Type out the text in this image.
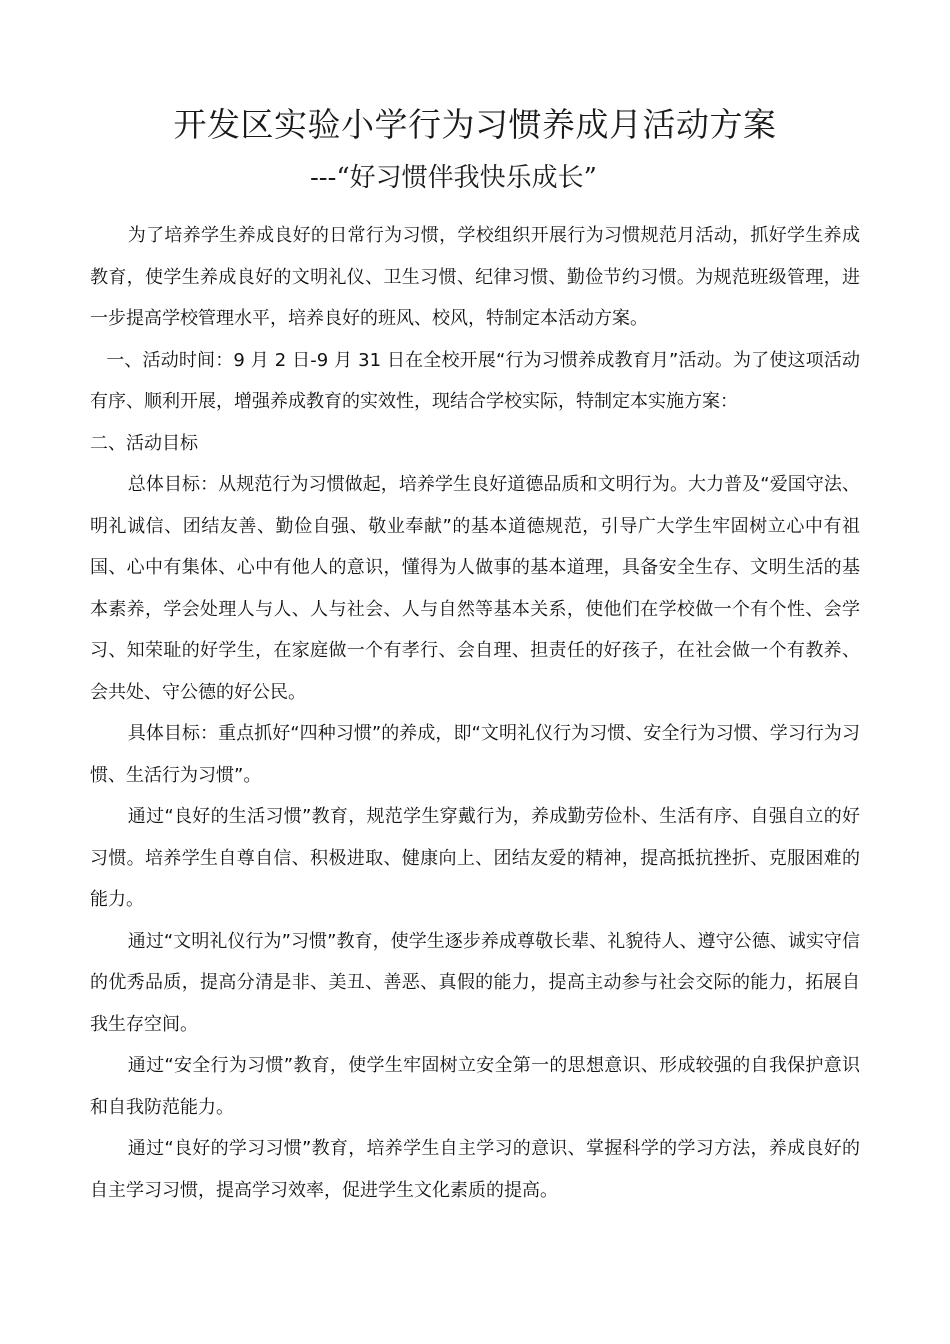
开发区实验小学行为习惯养成月活动方案
---“好习惯伴我快乐成长”

为了培养学生养成良好的日常行为习惯，学校组织开展行为习惯规范月活动，抓好学生养成教育，使学生养成良好的文明礼仪、卫生习惯、纪律习惯、勤俭节约习惯。为规范班级管理，进一步提高学校管理水平，培养良好的班风、校风，特制定本活动方案。

一、活动时间：9 月 2 日-9 月 31 日在全校开展“行为习惯养成教育月”活动。为了使这项活动有序、顺利开展，增强养成教育的实效性，现结合学校实际，特制定本实施方案：

二、活动目标

总体目标：从规范行为习惯做起，培养学生良好道德品质和文明行为。大力普及“爱国守法、明礼诚信、团结友善、勤俭自强、敬业奉献”的基本道德规范，引导广大学生牢固树立心中有祖国、心中有集体、心中有他人的意识，懂得为人做事的基本道理，具备安全生存、文明生活的基本素养，学会处理人与人、人与社会、人与自然等基本关系，使他们在学校做一个有个性、会学习、知荣耻的好学生，在家庭做一个有孝行、会自理、担责任的好孩子，在社会做一个有教养、会共处、守公德的好公民。

具体目标：重点抓好“四种习惯”的养成，即“文明礼仪行为习惯、安全行为习惯、学习行为习惯、生活行为习惯”。

通过“良好的生活习惯”教育，规范学生穿戴行为，养成勤劳俭朴、生活有序、自强自立的好习惯。培养学生自尊自信、积极进取、健康向上、团结友爱的精神，提高抵抗挫折、克服困难的能力。

通过“文明礼仪行为”习惯”教育，使学生逐步养成尊敬长辈、礼貌待人、遵守公德、诚实守信的优秀品质，提高分清是非、美丑、善恶、真假的能力，提高主动参与社会交际的能力，拓展自我生存空间。

通过“安全行为习惯”教育，使学生牢固树立安全第一的思想意识、形成较强的自我保护意识和自我防范能力。

通过“良好的学习习惯”教育，培养学生自主学习的意识、掌握科学的学习方法，养成良好的自主学习习惯，提高学习效率，促进学生文化素质的提高。
